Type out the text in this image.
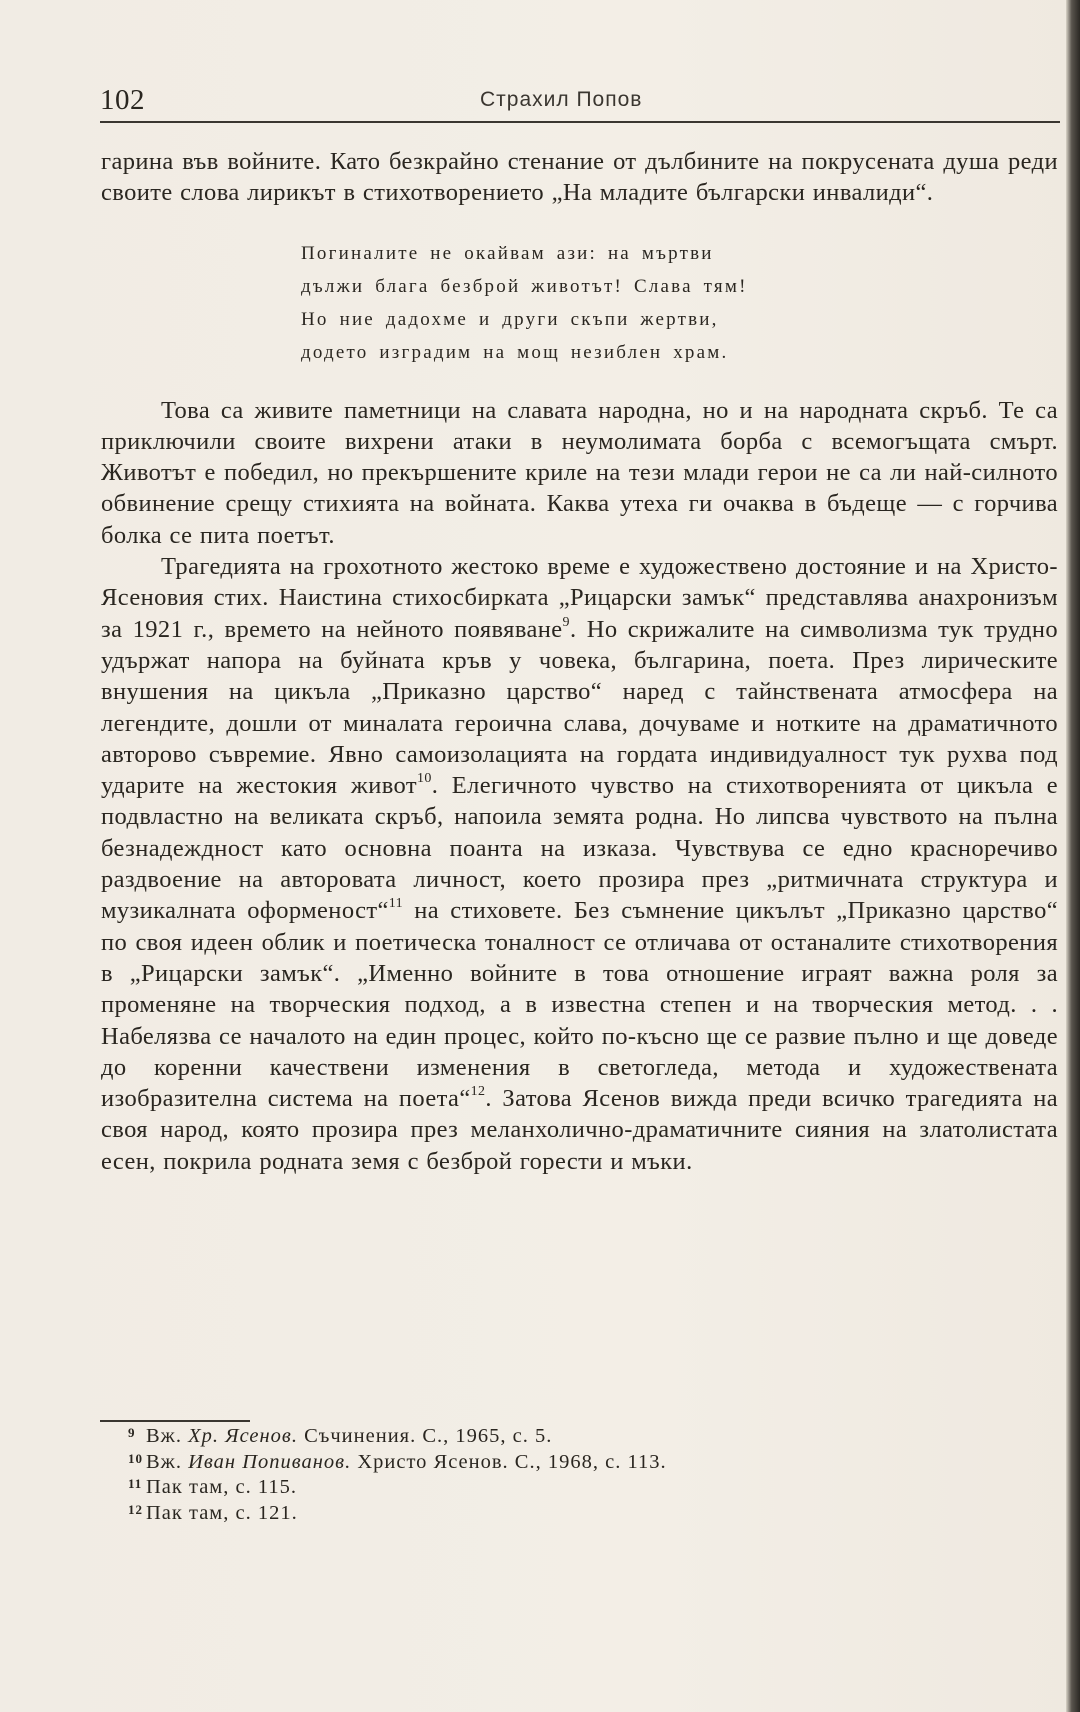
102	Страхил Попов

гарина във войните. Като безкрайно стенание от дълбините на покрусената душа реди своите слова лирикът в стихотворението „На младите български инвалиди“.

Погиналите не окайвам ази: на мъртви
дължи блага безброй животът! Слава тям!
Но ние дадохме и други скъпи жертви,
додето изградим на мощ незиблен храм.

Това са живите паметници на славата народна, но и на народната скръб. Те са приключили своите вихрени атаки в неумолимата борба с всемогъщата смърт. Животът е победил, но прекършените криле на тези млади герои не са ли най-силното обвинение срещу стихията на войната. Каква утеха ги очаква в бъдеще — с горчива болка се пита поетът.

Трагедията на грохотното жестоко време е художествено достояние и на Христо-Ясеновия стих. Наистина стихосбирката „Рицарски замък“ представлява анахронизъм за 1921 г., времето на нейното появяване$^9$. Но скрижалите на символизма тук трудно удържат напора на буйната кръв у човека, българина, поета. През лирическите внушения на цикъла „Приказно царство“ наред с тайнствената атмосфера на легендите, дошли от миналата героична слава, дочуваме и нотките на драматичното авторово съвремие. Явно самоизолацията на гордата индивидуалност тук рухва под ударите на жестокия живот$^{10}$. Елегичното чувство на стихотворенията от цикъла е подвластно на великата скръб, напоила земята родна. Но липсва чувството на пълна безнадеждност като основна поанта на изказа. Чувствува се едно красноречиво раздвоение на авторовата личност, което прозира през „ритмичната структура и музикалната оформеност“$^{11}$ на стиховете. Без съмнение цикълът „Приказно царство“ по своя идеен облик и поетическа тоналност се отличава от останалите стихотворения в „Рицарски замък“. „Именно войните в това отношение играят важна роля за променяне на творческия подход, а в известна степен и на творческия метод. . . Набелязва се началото на един процес, който по-късно ще се развие пълно и ще доведе до коренни качествени изменения в светогледа, метода и художествената изобразителна система на поета“$^{12}$. Затова Ясенов вижда преди всичко трагедията на своя народ, която прозира през меланхолично-драматичните сияния на златолистата есен, покрила родната земя с безброй горести и мъки.

9 Вж. Хр. Ясенов. Съчинения. С., 1965, с. 5.
10 Вж. Иван Попиванов. Христо Ясенов. С., 1968, с. 113.
11 Пак там, с. 115.
12 Пак там, с. 121.
